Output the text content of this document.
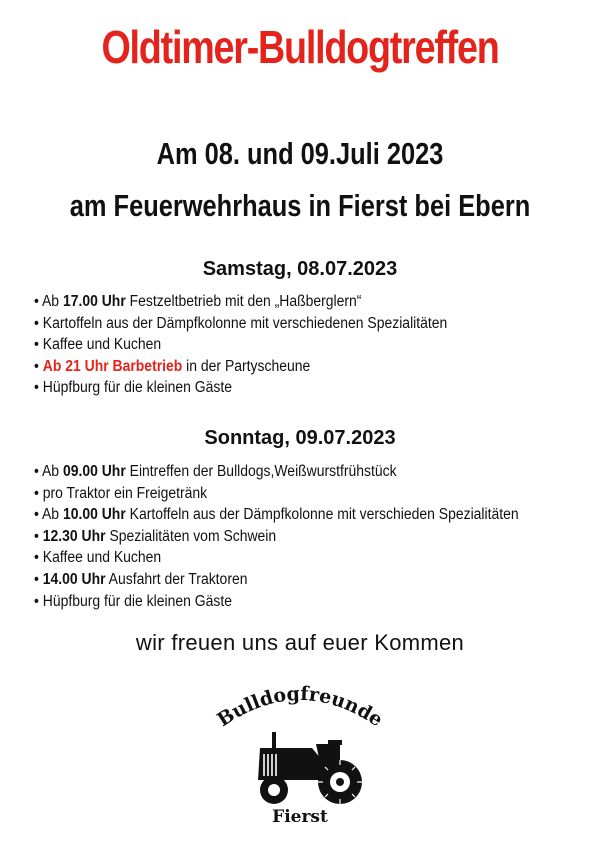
Oldtimer-Bulldogtreffen
Am 08. und 09.Juli 2023
am Feuerwehrhaus in Fierst bei Ebern
Samstag, 08.07.2023
• Ab 17.00 Uhr Festzeltbetrieb mit den „Haßberglern“
• Kartoffeln aus der Dämpfkolonne mit verschiedenen Spezialitäten
• Kaffee und Kuchen
• Ab 21 Uhr Barbetrieb in der Partyscheune
• Hüpfburg für die kleinen Gäste
Sonntag, 09.07.2023
• Ab 09.00 Uhr Eintreffen der Bulldogs,Weißwurstfrühstück
• pro Traktor ein Freigetränk
• Ab 10.00 Uhr Kartoffeln aus der Dämpfkolonne mit verschieden Spezialitäten
• 12.30 Uhr Spezialitäten vom Schwein
• Kaffee und Kuchen
• 14.00 Uhr Ausfahrt der Traktoren
• Hüpfburg für die kleinen Gäste
wir freuen uns auf euer Kommen
Bulldogfreunde
Fierst
